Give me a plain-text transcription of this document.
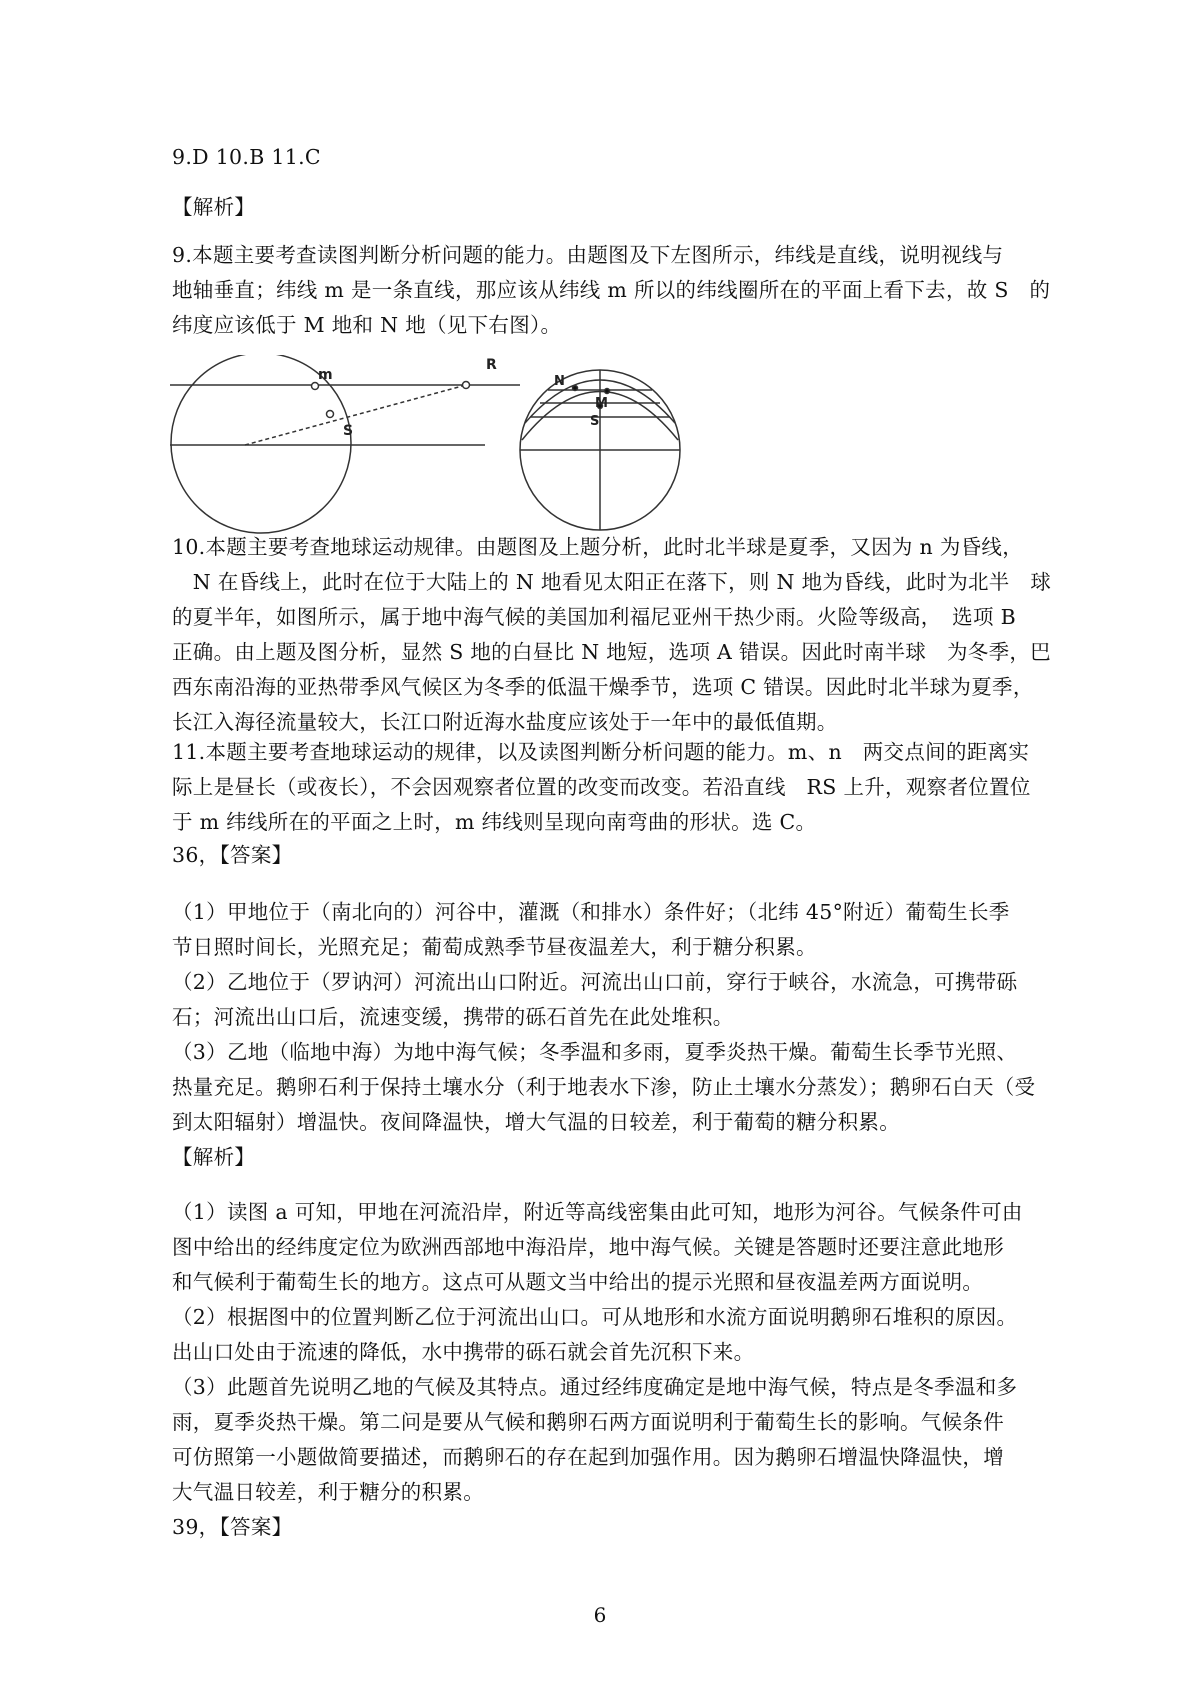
9.D 10.B 11.C

【解析】

9.本题主要考查读图判断分析问题的能力。由题图及下左图所示，纬线是直线，说明视线与
地轴垂直；纬线 m 是一条直线，那应该从纬线 m 所以的纬线圈所在的平面上看下去，故 S　的
纬度应该低于 M 地和 N 地（见下右图）。

m
R
S
N
M
S

10.本题主要考查地球运动规律。由题图及上题分析，此时北半球是夏季，又因为 n 为昏线，
　N 在昏线上，此时在位于大陆上的 N 地看见太阳正在落下，则 N 地为昏线，此时为北半　球
的夏半年，如图所示，属于地中海气候的美国加利福尼亚州干热少雨。火险等级高，　选项 B
正确。由上题及图分析，显然 S 地的白昼比 N 地短，选项 A 错误。因此时南半球　为冬季，巴
西东南沿海的亚热带季风气候区为冬季的低温干燥季节，选项 C 错误。因此时北半球为夏季，
长江入海径流量较大，长江口附近海水盐度应该处于一年中的最低值期。

11.本题主要考查地球运动的规律，以及读图判断分析问题的能力。m、n　两交点间的距离实
际上是昼长（或夜长），不会因观察者位置的改变而改变。若沿直线　RS 上升，观察者位置位
于 m 纬线所在的平面之上时，m 纬线则呈现向南弯曲的形状。选 C。

36，【答案】

（1）甲地位于（南北向的）河谷中，灌溉（和排水）条件好；（北纬 45°附近）葡萄生长季
节日照时间长，光照充足；葡萄成熟季节昼夜温差大，利于糖分积累。

（2）乙地位于（罗讷河）河流出山口附近。河流出山口前，穿行于峡谷，水流急，可携带砾
石；河流出山口后，流速变缓，携带的砾石首先在此处堆积。

（3）乙地（临地中海）为地中海气候；冬季温和多雨，夏季炎热干燥。葡萄生长季节光照、
热量充足。鹅卵石利于保持土壤水分（利于地表水下渗，防止土壤水分蒸发）；鹅卵石白天（受
到太阳辐射）增温快。夜间降温快，增大气温的日较差，利于葡萄的糖分积累。

【解析】

（1）读图 a 可知，甲地在河流沿岸，附近等高线密集由此可知，地形为河谷。气候条件可由
图中给出的经纬度定位为欧洲西部地中海沿岸，地中海气候。关键是答题时还要注意此地形
和气候利于葡萄生长的地方。这点可从题文当中给出的提示光照和昼夜温差两方面说明。

（2）根据图中的位置判断乙位于河流出山口。可从地形和水流方面说明鹅卵石堆积的原因。
出山口处由于流速的降低，水中携带的砾石就会首先沉积下来。

（3）此题首先说明乙地的气候及其特点。通过经纬度确定是地中海气候，特点是冬季温和多
雨，夏季炎热干燥。第二问是要从气候和鹅卵石两方面说明利于葡萄生长的影响。气候条件
可仿照第一小题做简要描述，而鹅卵石的存在起到加强作用。因为鹅卵石增温快降温快，增
大气温日较差，利于糖分的积累。

39，【答案】

6
